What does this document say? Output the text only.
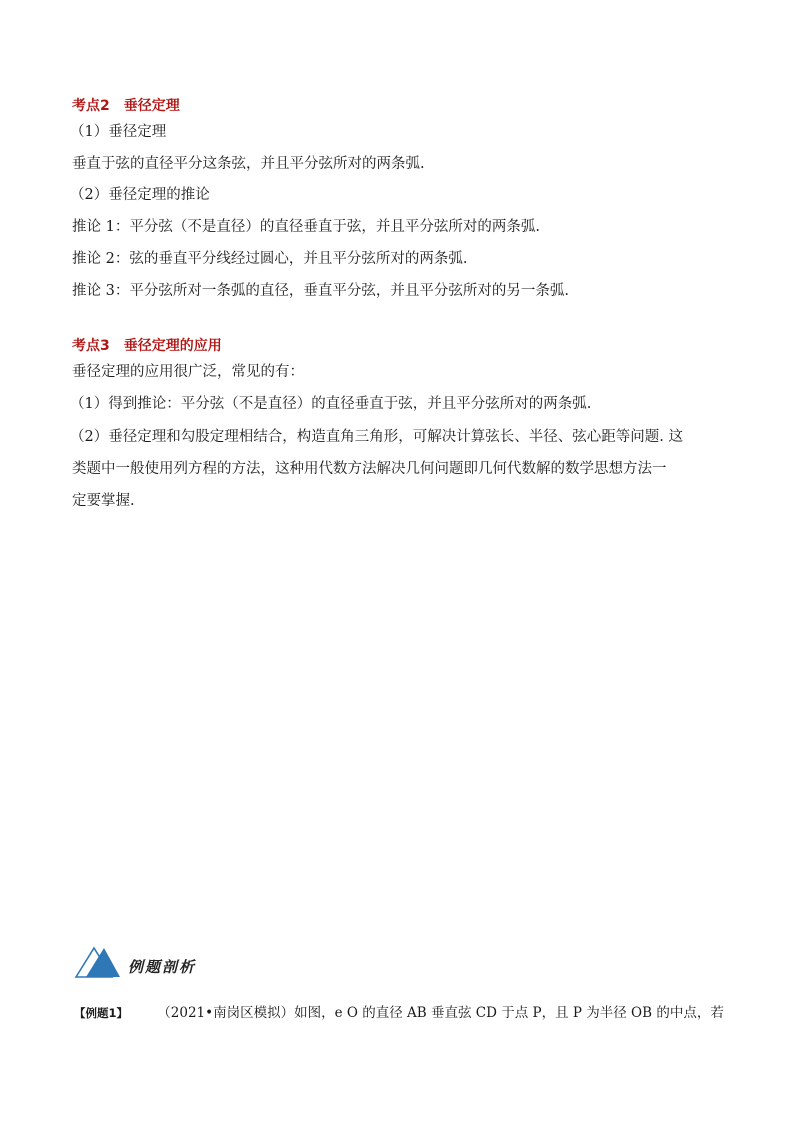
考点2 垂径定理
（1）垂径定理
垂直于弦的直径平分这条弦，并且平分弦所对的两条弧.
（2）垂径定理的推论
推论 1：平分弦（不是直径）的直径垂直于弦，并且平分弦所对的两条弧.
推论 2：弦的垂直平分线经过圆心，并且平分弦所对的两条弧.
推论 3：平分弦所对一条弧的直径，垂直平分弦，并且平分弦所对的另一条弧.
考点3 垂径定理的应用
垂径定理的应用很广泛，常见的有：
（1）得到推论：平分弦（不是直径）的直径垂直于弦，并且平分弦所对的两条弧.
（2）垂径定理和勾股定理相结合，构造直角三角形，可解决计算弦长、半径、弦心距等问题. 这
类题中一般使用列方程的方法，这种用代数方法解决几何问题即几何代数解的数学思想方法一
定要掌握.
例题剖析
【例题1】	（2021•南岗区模拟）如图，e O 的直径 AB 垂直弦 CD 于点 P，且 P 为半径 OB 的中点，若
